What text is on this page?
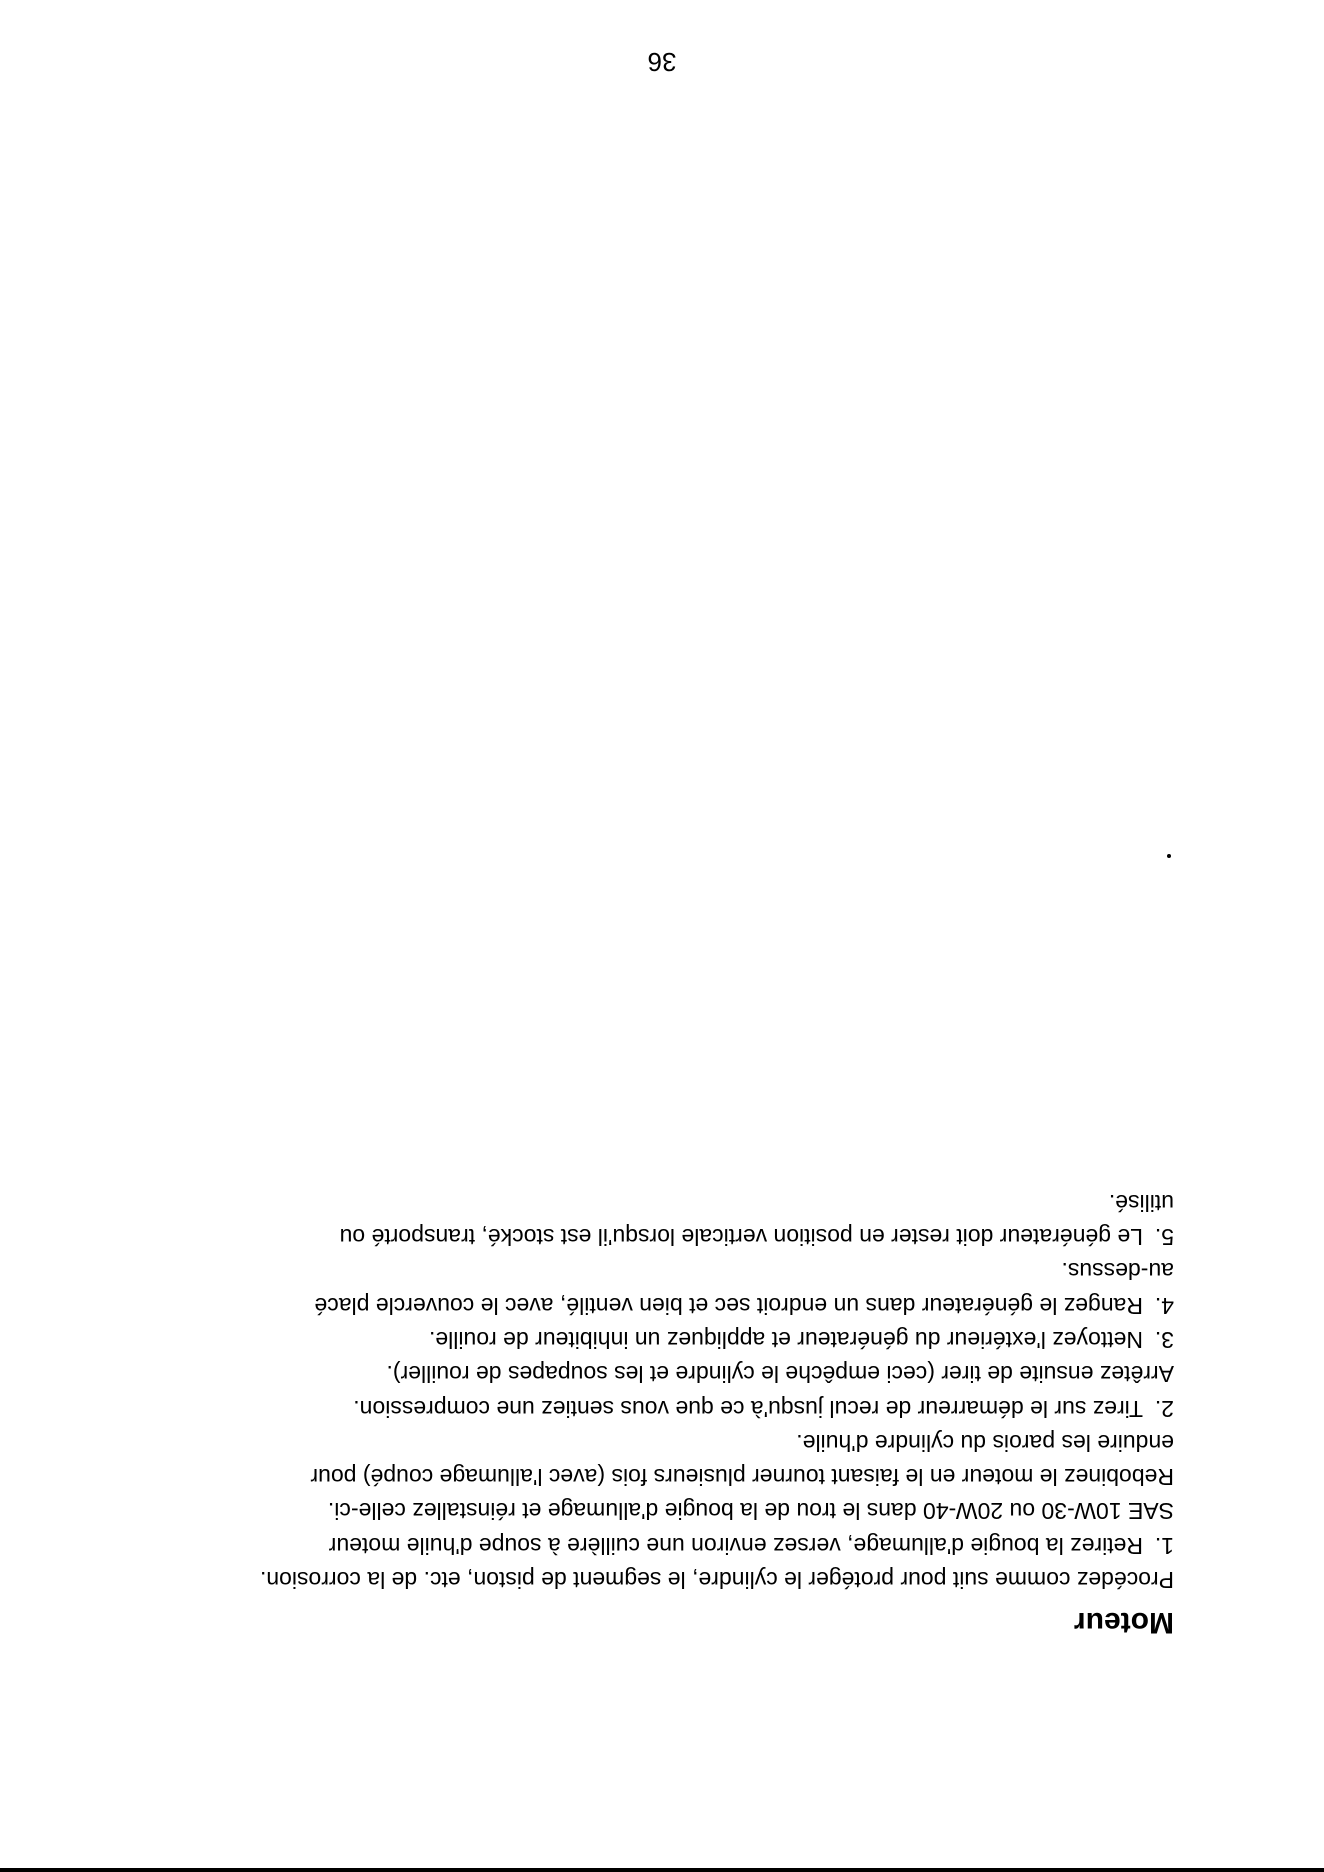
Moteur

Procédez comme suit pour protéger le cylindre, le segment de piston, etc. de la corrosion.

1.
Retirez la bougie d'allumage, versez environ une cuillère à soupe d'huile moteur
SAE 10W-30 ou 20W-40 dans le trou de la bougie d'allumage et réinstallez celle-ci.
Rebobinez le moteur en le faisant tourner plusieurs fois (avec l'allumage coupé) pour
enduire les parois du cylindre d'huile.
2.
Tirez sur le démarreur de recul jusqu'à ce que vous sentiez une compression.
Arrêtez ensuite de tirer (ceci empêche le cylindre et les soupapes de rouiller).
3.
Nettoyez l'extérieur du générateur et appliquez un inhibiteur de rouille.
4.
Rangez le générateur dans un endroit sec et bien ventilé, avec le couvercle placé
au-dessus.
5.
Le générateur doit rester en position verticale lorsqu'il est stocké, transporté ou
utilisé.
36
